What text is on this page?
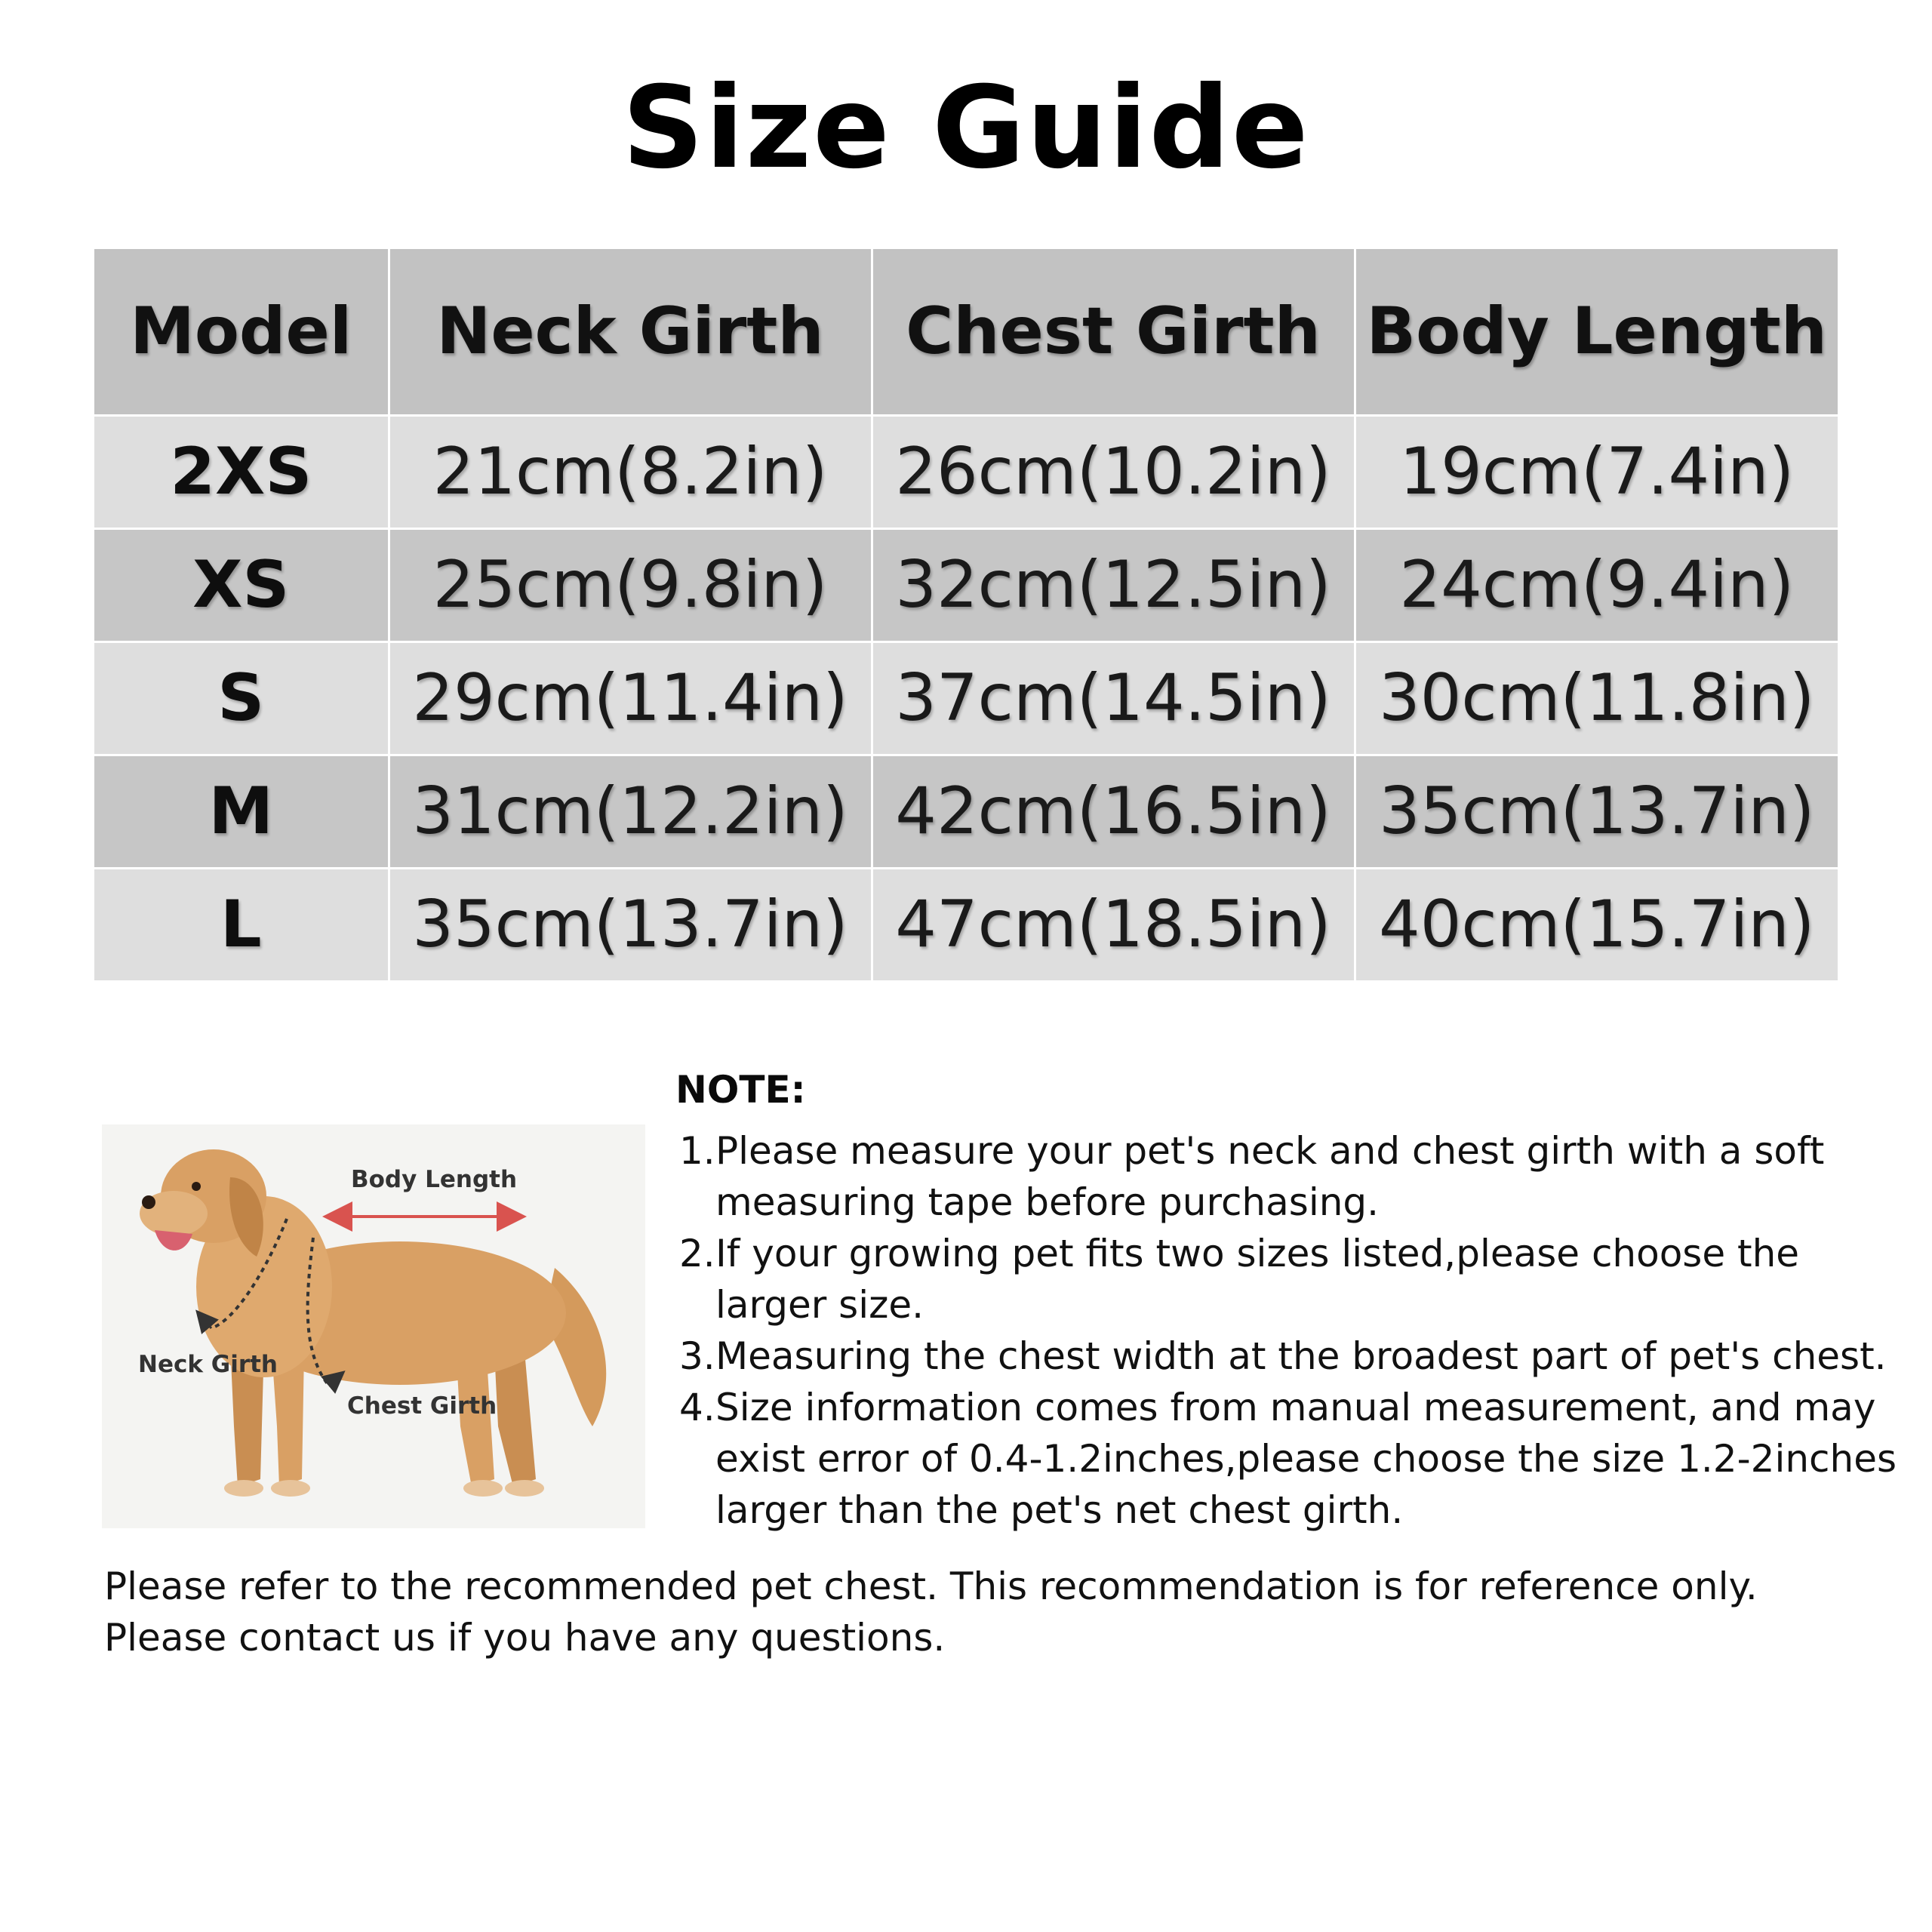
Size Guide
Model	Neck Girth	Chest Girth	Body Length
2XS	21cm(8.2in)	26cm(10.2in)	19cm(7.4in)
XS	25cm(9.8in)	32cm(12.5in)	24cm(9.4in)
S	29cm(11.4in)	37cm(14.5in)	30cm(11.8in)
M	31cm(12.2in)	42cm(16.5in)	35cm(13.7in)
L	35cm(13.7in)	47cm(18.5in)	40cm(15.7in)
Body Length
Neck Girth
Chest Girth
NOTE:
1. Please measure your pet's neck and chest girth with a soft measuring tape before purchasing.
2. If your growing pet fits two sizes listed,please choose the larger size.
3. Measuring the chest width at the broadest part of pet's chest.
4. Size information comes from manual measurement, and may exist error of 0.4-1.2inches,please choose the size 1.2-2inches larger than the pet's net chest girth.

Please refer to the recommended pet chest. This recommendation is for reference only.

Please contact us if you have any questions.
